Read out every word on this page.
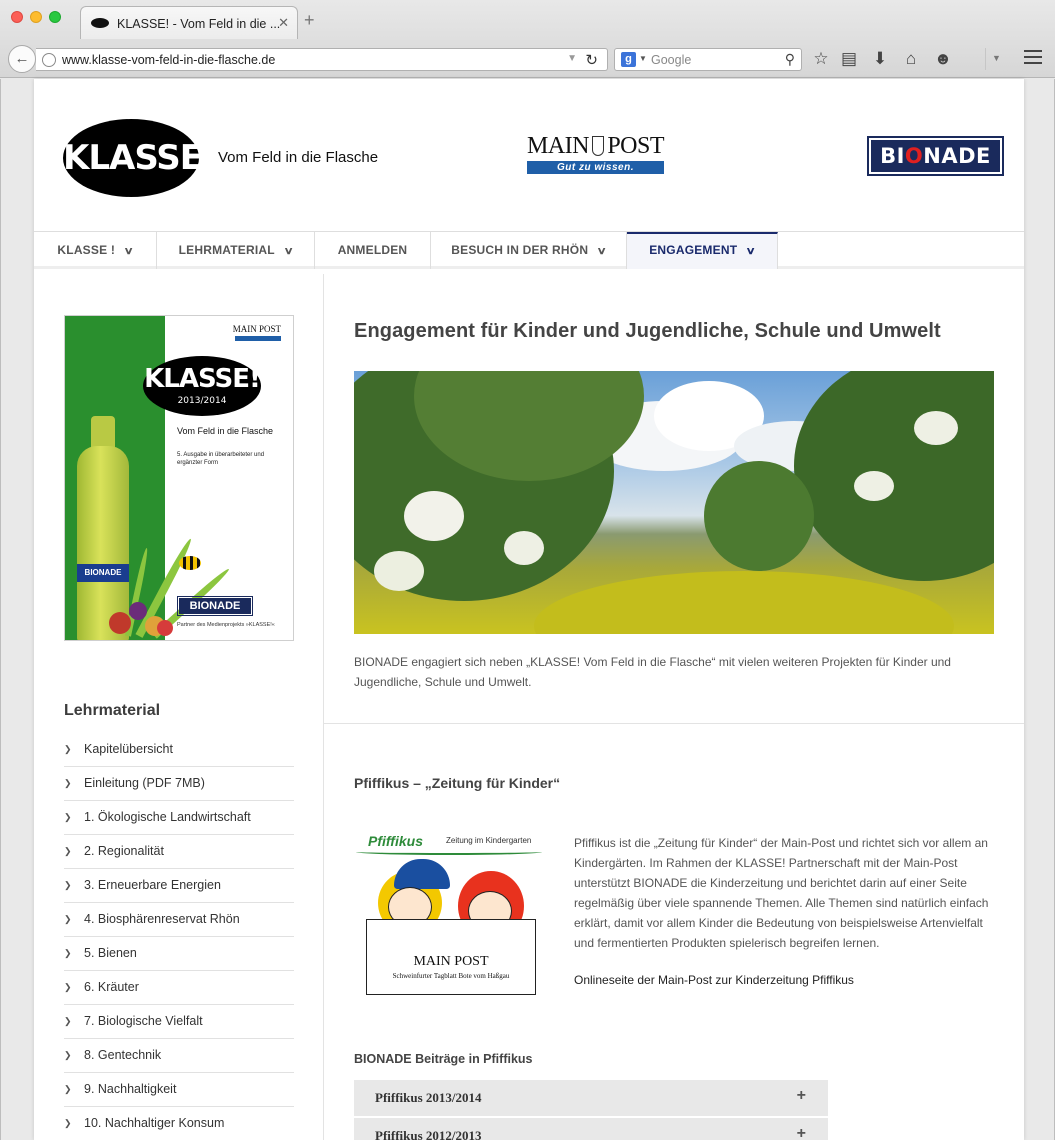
KLASSE! - Vom Feld in die ...
✕ +
←	www.klasse-vom-feld-in-die-flasche.de	▼ ↻	g ▼ Google	⚲ ☆ ▤ ⬇ ⌂ ☻	▼
KLASSE! Vom Feld in die Flasche	MAIN POST
Gut zu wissen.	BIONADE
KLASSE ! ∨	LEHRMATERIAL ∨	ANMELDEN	BESUCH IN DER RHÖN ∨	ENGAGEMENT ∨
MAIN POST
KLASSE!
2013/2014
Vom Feld in die Flasche
5. Ausgabe in überarbeiteter und ergänzter Form
BIONADE
BIONADE
Partner des Medienprojekts »KLASSE!«
Lehrmaterial
❯ Kapitelübersicht
❯ Einleitung (PDF 7MB)
❯ 1. Ökologische Landwirtschaft
❯ 2. Regionalität
❯ 3. Erneuerbare Energien
❯ 4. Biosphärenreservat Rhön
❯ 5. Bienen
❯ 6. Kräuter
❯ 7. Biologische Vielfalt
❯ 8. Gentechnik
❯ 9. Nachhaltigkeit
❯ 10. Nachhaltiger Konsum
Engagement für Kinder und Jugendliche, Schule und Umwelt

BIONADE engagiert sich neben „KLASSE! Vom Feld in die Flasche“ mit vielen weiteren Projekten für Kinder und Jugendliche, Schule und Umwelt.

Pfiffikus – „Zeitung für Kinder“
Pfiffikus	Zeitung im Kindergarten
MAIN POST
Schweinfurter Tagblatt Bote vom Haßgau

Pfiffikus ist die „Zeitung für Kinder“ der Main-Post und richtet sich vor allem an Kindergärten. Im Rahmen der KLASSE! Partnerschaft mit der Main-Post unterstützt BIONADE die Kinderzeitung und berichtet darin auf einer Seite regelmäßig über viele spannende Themen. Alle Themen sind natürlich einfach erklärt, damit vor allem Kinder die Bedeutung von beispielsweise Artenvielfalt und fermentierten Produkten spielerisch begreifen lernen.

Onlineseite der Main-Post zur Kinderzeitung Pfiffikus
BIONADE Beiträge in Pfiffikus
Pfiffikus 2013/2014	+
Pfiffikus 2012/2013	+
